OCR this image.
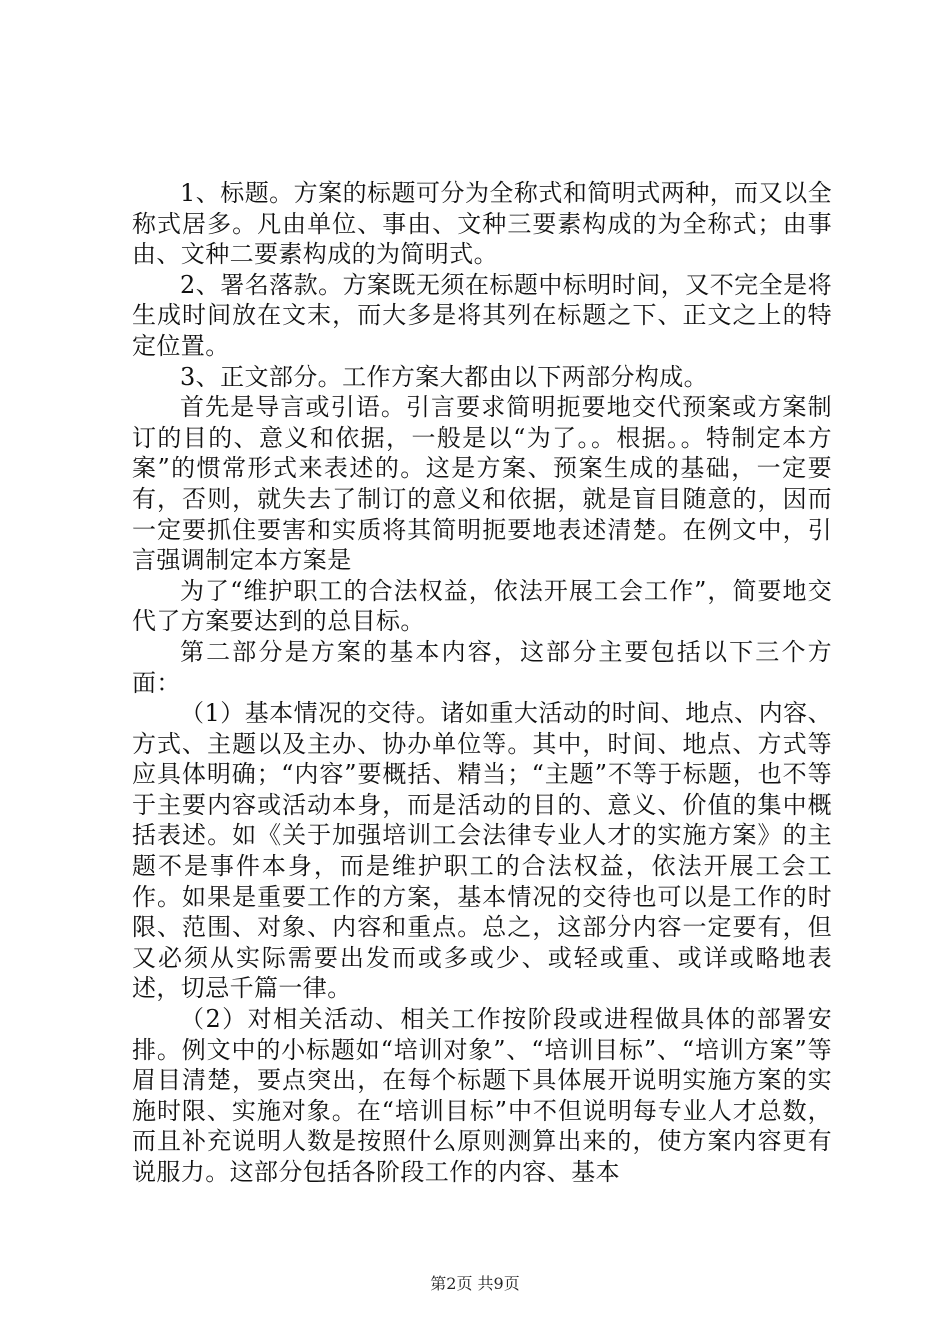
1、标题。方案的标题可分为全称式和简明式两种，而又以全称式居多。凡由单位、事由、文种三要素构成的为全称式；由事由、文种二要素构成的为简明式。

2、署名落款。方案既无须在标题中标明时间，又不完全是将生成时间放在文末，而大多是将其列在标题之下、正文之上的特定位置。

3、正文部分。工作方案大都由以下两部分构成。

首先是导言或引语。引言要求简明扼要地交代预案或方案制订的目的、意义和依据，一般是以“为了。。根据。。特制定本方案”的惯常形式来表述的。这是方案、预案生成的基础，一定要有，否则，就失去了制订的意义和依据，就是盲目随意的，因而一定要抓住要害和实质将其简明扼要地表述清楚。在例文中，引言强调制定本方案是

为了“维护职工的合法权益，依法开展工会工作”，简要地交代了方案要达到的总目标。

第二部分是方案的基本内容，这部分主要包括以下三个方面：

（1）基本情况的交待。诸如重大活动的时间、地点、内容、方式、主题以及主办、协办单位等。其中，时间、地点、方式等应具体明确；“内容”要概括、精当；“主题”不等于标题，也不等于主要内容或活动本身，而是活动的目的、意义、价值的集中概括表述。如《关于加强培训工会法律专业人才的实施方案》的主题不是事件本身，而是维护职工的合法权益，依法开展工会工作。如果是重要工作的方案，基本情况的交待也可以是工作的时限、范围、对象、内容和重点。总之，这部分内容一定要有，但又必须从实际需要出发而或多或少、或轻或重、或详或略地表述，切忌千篇一律。

（2）对相关活动、相关工作按阶段或进程做具体的部署安排。例文中的小标题如“培训对象”、“培训目标”、“培训方案”等眉目清楚，要点突出，在每个标题下具体展开说明实施方案的实施时限、实施对象。在“培训目标”中不但说明每专业人才总数，而且补充说明人数是按照什么原则测算出来的，使方案内容更有说服力。这部分包括各阶段工作的内容、基本

第2页 共9页
